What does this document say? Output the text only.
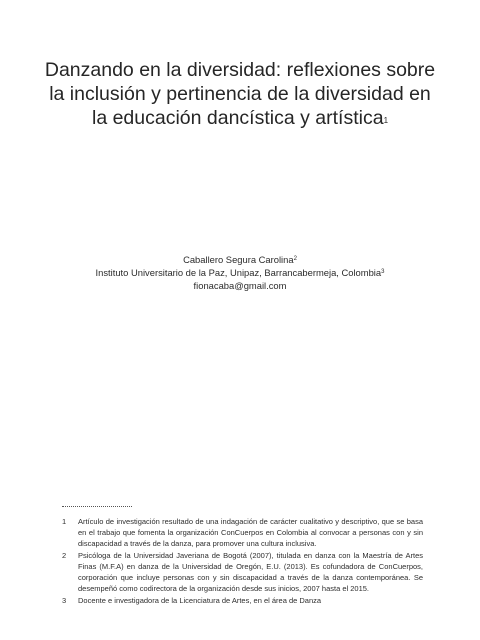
Danzando en la diversidad: reflexiones sobre
la inclusión y pertinencia de la diversidad en
la educación dancística y artística$^1$
Caballero Segura Carolina$^2$
Instituto Universitario de la Paz, Unipaz, Barrancabermeja, Colombia$^3$
fionacaba@gmail.com
1	Artículo de investigación resultado de una indagación de carácter cualitativo y descriptivo, que se basa en el trabajo que fomenta la organización ConCuerpos en Colombia al convocar a personas con y sin discapacidad a través de la danza, para promover una cultura inclusiva.
2	Psicóloga de la Universidad Javeriana de Bogotá (2007), titulada en danza con la Maestría de Artes Finas (M.F.A) en danza de la Universidad de Oregón, E.U. (2013). Es cofundadora de ConCuerpos, corporación que incluye personas con y sin discapacidad a través de la danza contemporánea. Se desempeñó como codirectora de la organización desde sus inicios, 2007 hasta el 2015.
3	Docente e investigadora de la Licenciatura de Artes, en el área de Danza
